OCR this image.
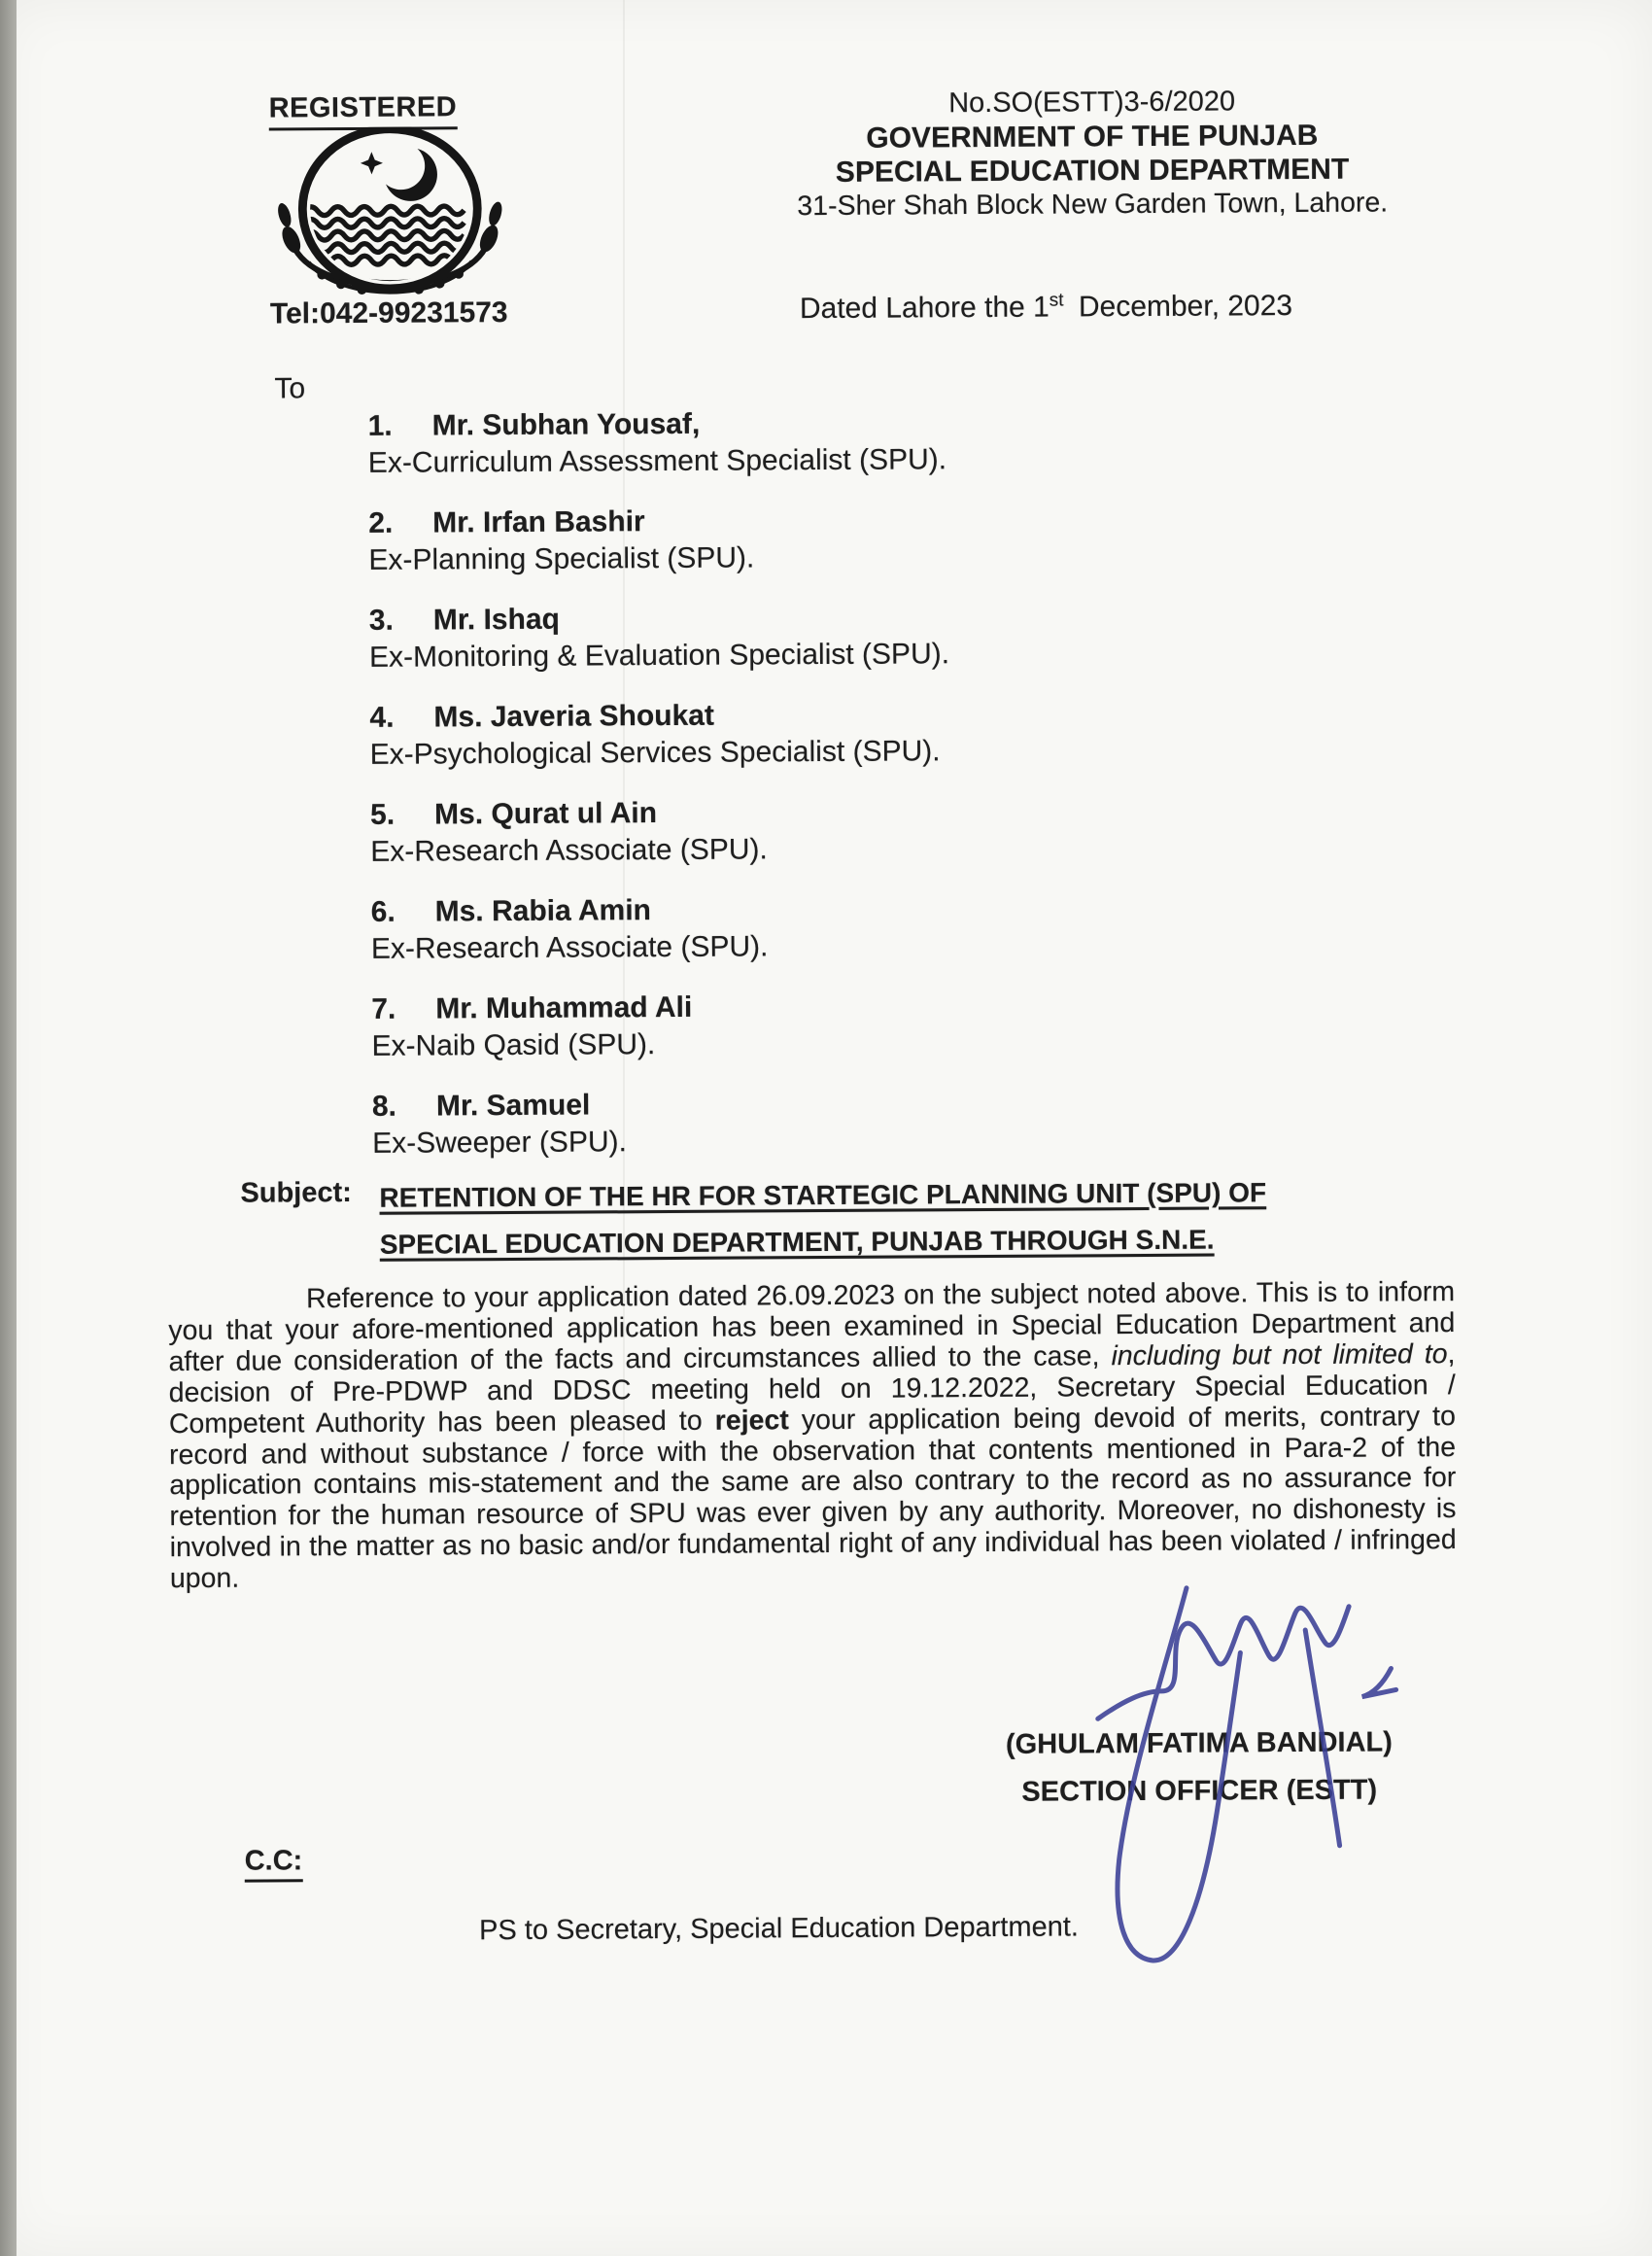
REGISTERED	No.SO(ESTT)3-6/2020
GOVERNMENT OF THE PUNJAB
SPECIAL EDUCATION DEPARTMENT
31-Sher Shah Block New Garden Town, Lahore.
Tel:042-99231573	Dated Lahore the 1st December, 2023
To
1. Mr. Subhan Yousaf,
Ex-Curriculum Assessment Specialist (SPU).
2. Mr. Irfan Bashir
Ex-Planning Specialist (SPU).
3. Mr. Ishaq
Ex-Monitoring & Evaluation Specialist (SPU).
4. Ms. Javeria Shoukat
Ex-Psychological Services Specialist (SPU).
5. Ms. Qurat ul Ain
Ex-Research Associate (SPU).
6. Ms. Rabia Amin
Ex-Research Associate (SPU).
7. Mr. Muhammad Ali
Ex-Naib Qasid (SPU).
8. Mr. Samuel
Ex-Sweeper (SPU).
Subject: RETENTION OF THE HR FOR STARTEGIC PLANNING UNIT (SPU) OF
SPECIAL EDUCATION DEPARTMENT, PUNJAB THROUGH S.N.E.
Reference to your application dated 26.09.2023 on the subject noted above. This is to inform you that your afore-mentioned application has been examined in Special Education Department and after due consideration of the facts and circumstances allied to the case, including but not limited to, decision of Pre-PDWP and DDSC meeting held on 19.12.2022, Secretary Special Education / Competent Authority has been pleased to reject your application being devoid of merits, contrary to record and without substance / force with the observation that contents mentioned in Para-2 of the application contains mis-statement and the same are also contrary to the record as no assurance for retention for the human resource of SPU was ever given by any authority. Moreover, no dishonesty is involved in the matter as no basic and/or fundamental right of any individual has been violated / infringed upon.
(GHULAM FATIMA BANDIAL)
SECTION OFFICER (ESTT)
C.C:
PS to Secretary, Special Education Department.
